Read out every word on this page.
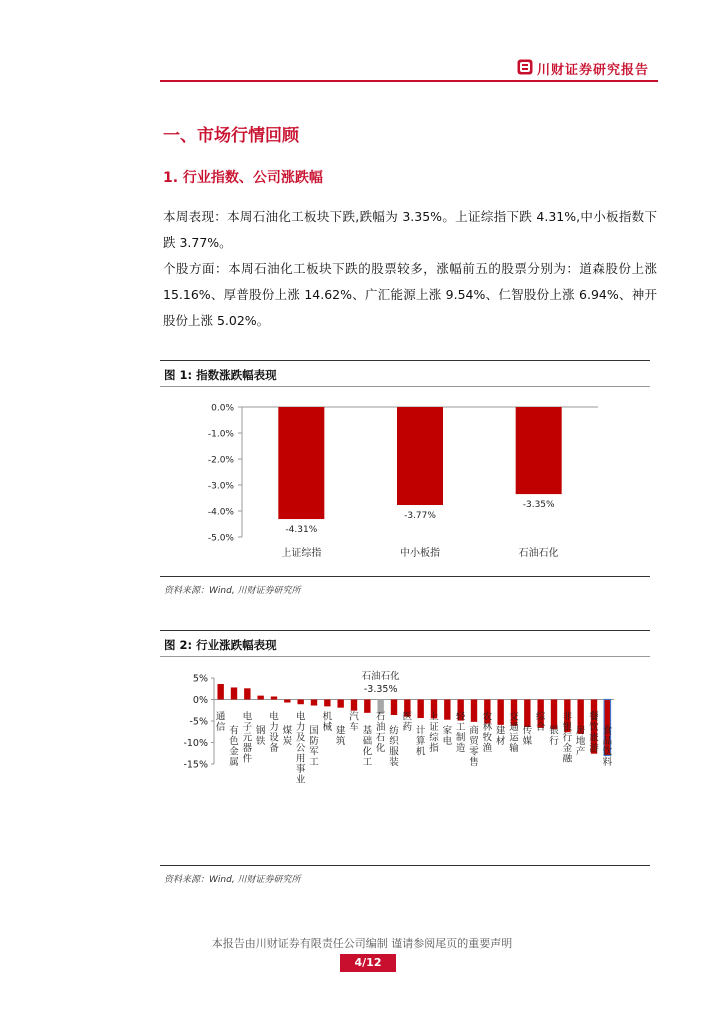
川财证券研究报告
一、市场行情回顾
1. 行业指数、公司涨跌幅

本周表现：本周石油化工板块下跌,跌幅为 3.35%。上证综指下跌 4.31%,中小板指数下跌 3.77%。

个股方面：本周石油化工板块下跌的股票较多，涨幅前五的股票分别为：道森股份上涨 15.16%、厚普股份上涨 14.62%、广汇能源上涨 9.54%、仁智股份上涨 6.94%、神开股份上涨 5.02%。

图 1: 指数涨跌幅表现
0.0%
-1.0%
-2.0%
-3.0%
-4.0%
-5.0%
-4.31%
上证综指
-3.77%
中小板指
-3.35%
石油石化
资料来源：Wind, 川财证券研究所
图 2: 行业涨跌幅表现
5%
0%
-5%
-10%
-15%
通信 有色金属
电子元器件
钢铁
电力设备
煤炭
电力及公用事业
国防军工
机械 建筑
汽车 基础化工
石油石化
石油石化
-3.35%
纺织服装
医药 计算机
上证综指
家电
轻工制造
商贸零售
农林牧渔
建材
交通运输
传媒
综合 银行
非银行金融
房地产
餐饮旅游
食品饮料
资料来源：Wind, 川财证券研究所
本报告由川财证券有限责任公司编制 谨请参阅尾页的重要声明
4/12
